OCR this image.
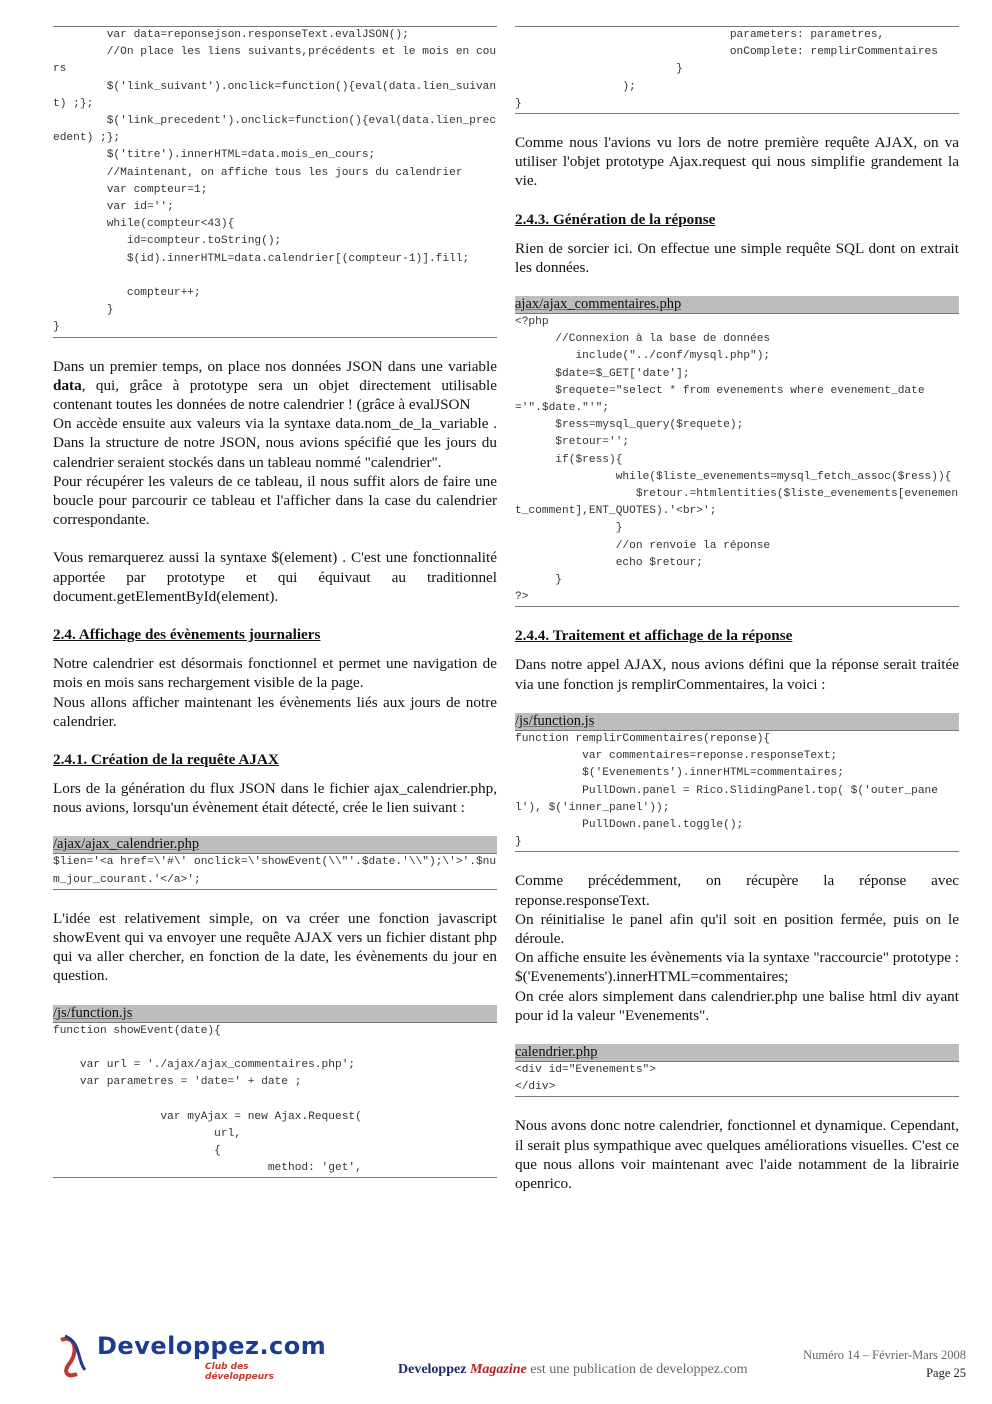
var data=reponsejson.responseText.evalJSON();
//On place les liens suivants,précédents et le mois en cours
$('link_suivant').onclick=function(){eval(data.lien_suivant) ;};
$('link_precedent').onclick=function(){eval(data.lien_precedent) ;};
$('titre').innerHTML=data.mois_en_cours;
//Maintenant, on affiche tous les jours du calendrier
var compteur=1;
var id='';
while(compteur<43){
id=compteur.toString();
$(id).innerHTML=data.calendrier[(compteur-1)].fill;

compteur++;
}
}

Dans un premier temps, on place nos données JSON dans une variable data, qui, grâce à prototype sera un objet directement utilisable contenant toutes les données de notre calendrier ! (grâce à evalJSON

On accède ensuite aux valeurs via la syntaxe data.nom_de_la_variable . Dans la structure de notre JSON, nous avions spécifié que les jours du calendrier seraient stockés dans un tableau nommé "calendrier".

Pour récupérer les valeurs de ce tableau, il nous suffit alors de faire une boucle pour parcourir ce tableau et l'afficher dans la case du calendrier correspondante.

Vous remarquerez aussi la syntaxe $(element) . C'est une fonctionnalité apportée par prototype et qui équivaut au traditionnel document.getElementById(element).

2.4. Affichage des évènements journaliers

Notre calendrier est désormais fonctionnel et permet une navigation de mois en mois sans rechargement visible de la page.

Nous allons afficher maintenant les évènements liés aux jours de notre calendrier.

2.4.1. Création de la requête AJAX

Lors de la génération du flux JSON dans le fichier ajax_calendrier.php, nous avions, lorsqu'un évènement était détecté, crée le lien suivant :

/ajax/ajax_calendrier.php
$lien='<a href=\'#\' onclick=\'showEvent(\\"'.$date.'\\");\'>'.$num_jour_courant.'</a>';

L'idée est relativement simple, on va créer une fonction javascript showEvent qui va envoyer une requête AJAX vers un fichier distant php qui va aller chercher, en fonction de la date, les évènements du jour en question.

/js/function.js
function showEvent(date){

var url = './ajax/ajax_commentaires.php';
var parametres = 'date=' + date ;

var myAjax = new Ajax.Request(
url,
{
method: 'get',
parameters: parametres,
onComplete: remplirCommentaires
}
);
}

Comme nous l'avions vu lors de notre première requête AJAX, on va utiliser l'objet prototype Ajax.request qui nous simplifie grandement la vie.

2.4.3. Génération de la réponse

Rien de sorcier ici. On effectue une simple requête SQL dont on extrait les données.

ajax/ajax_commentaires.php
<?php
//Connexion à la base de données
include("../conf/mysql.php");
$date=$_GET['date'];
$requete="select * from evenements where evenement_date='".$date."'";
$ress=mysql_query($requete);
$retour='';
if($ress){
while($liste_evenements=mysql_fetch_assoc($ress)){
$retour.=htmlentities($liste_evenements[evenement_comment],ENT_QUOTES).'<br>';
}
//on renvoie la réponse
echo $retour;
}
?>
2.4.4. Traitement et affichage de la réponse

Dans notre appel AJAX, nous avions défini que la réponse serait traitée via une fonction js remplirCommentaires, la voici :

/js/function.js
function remplirCommentaires(reponse){
var commentaires=reponse.responseText;
$('Evenements').innerHTML=commentaires;
PullDown.panel = Rico.SlidingPanel.top( $('outer_panel'), $('inner_panel'));
PullDown.panel.toggle();
}

Comme précédemment, on récupère la réponse avec reponse.responseText.

On réinitialise le panel afin qu'il soit en position fermée, puis on le déroule.

On affiche ensuite les évènements via la syntaxe "raccourcie" prototype : $('Evenements').innerHTML=commentaires;

On crée alors simplement dans calendrier.php une balise html div ayant pour id la valeur "Evenements".

calendrier.php
<div id="Evenements">
</div>

Nous avons donc notre calendrier, fonctionnel et dynamique. Cependant, il serait plus sympathique avec quelques améliorations visuelles. C'est ce que nous allons voir maintenant avec l'aide notamment de la librairie openrico.

Developpez.com
Club des développeurs	Developpez Magazine est une publication de developpez.com
Numéro 14 – Février-Mars 2008
Page 25
